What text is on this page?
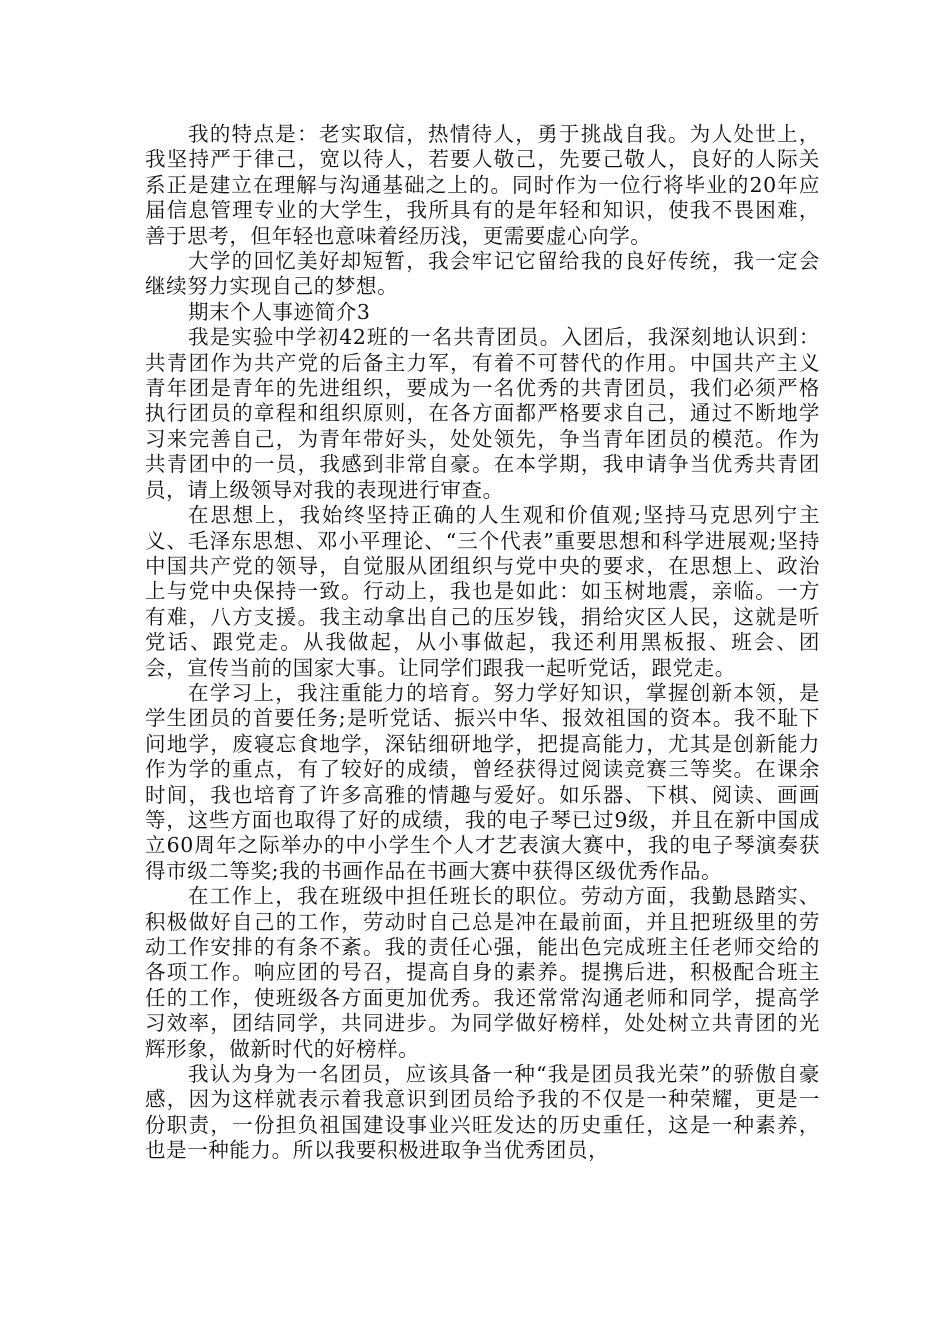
我的特点是：老实取信，热情待人，勇于挑战自我。为人处世上，我坚持严于律己，宽以待人，若要人敬己，先要己敬人，良好的人际关系正是建立在理解与沟通基础之上的。同时作为一位行将毕业的20年应届信息管理专业的大学生，我所具有的是年轻和知识，使我不畏困难，善于思考，但年轻也意味着经历浅，更需要虚心向学。

大学的回忆美好却短暂，我会牢记它留给我的良好传统，我一定会继续努力实现自己的梦想。

期末个人事迹简介3

我是实验中学初42班的一名共青团员。入团后，我深刻地认识到：共青团作为共产党的后备主力军，有着不可替代的作用。中国共产主义青年团是青年的先进组织，要成为一名优秀的共青团员，我们必须严格执行团员的章程和组织原则，在各方面都严格要求自己，通过不断地学习来完善自己，为青年带好头，处处领先，争当青年团员的模范。作为共青团中的一员，我感到非常自豪。在本学期，我申请争当优秀共青团员，请上级领导对我的表现进行审查。

在思想上，我始终坚持正确的人生观和价值观;坚持马克思列宁主义、毛泽东思想、邓小平理论、“三个代表”重要思想和科学进展观;坚持中国共产党的领导，自觉服从团组织与党中央的要求，在思想上、政治上与党中央保持一致。行动上，我也是如此：如玉树地震，亲临。一方有难，八方支援。我主动拿出自己的压岁钱，捐给灾区人民，这就是听党话、跟党走。从我做起，从小事做起，我还利用黑板报、班会、团会，宣传当前的国家大事。让同学们跟我一起听党话，跟党走。

在学习上，我注重能力的培育。努力学好知识，掌握创新本领，是学生团员的首要任务;是听党话、振兴中华、报效祖国的资本。我不耻下问地学，废寝忘食地学，深钻细研地学，把提高能力，尤其是创新能力作为学的重点，有了较好的成绩，曾经获得过阅读竞赛三等奖。在课余时间，我也培育了许多高雅的情趣与爱好。如乐器、下棋、阅读、画画等，这些方面也取得了好的成绩，我的电子琴已过9级，并且在新中国成立60周年之际举办的中小学生个人才艺表演大赛中，我的电子琴演奏获得市级二等奖;我的书画作品在书画大赛中获得区级优秀作品。

在工作上，我在班级中担任班长的职位。劳动方面，我勤恳踏实、积极做好自己的工作，劳动时自己总是冲在最前面，并且把班级里的劳动工作安排的有条不紊。我的责任心强，能出色完成班主任老师交给的各项工作。响应团的号召，提高自身的素养。提携后进，积极配合班主任的工作，使班级各方面更加优秀。我还常常沟通老师和同学，提高学习效率，团结同学，共同进步。为同学做好榜样，处处树立共青团的光辉形象，做新时代的好榜样。

我认为身为一名团员，应该具备一种“我是团员我光荣”的骄傲自豪感，因为这样就表示着我意识到团员给予我的不仅是一种荣耀，更是一份职责，一份担负祖国建设事业兴旺发达的历史重任，这是一种素养，也是一种能力。所以我要积极进取争当优秀团员，
